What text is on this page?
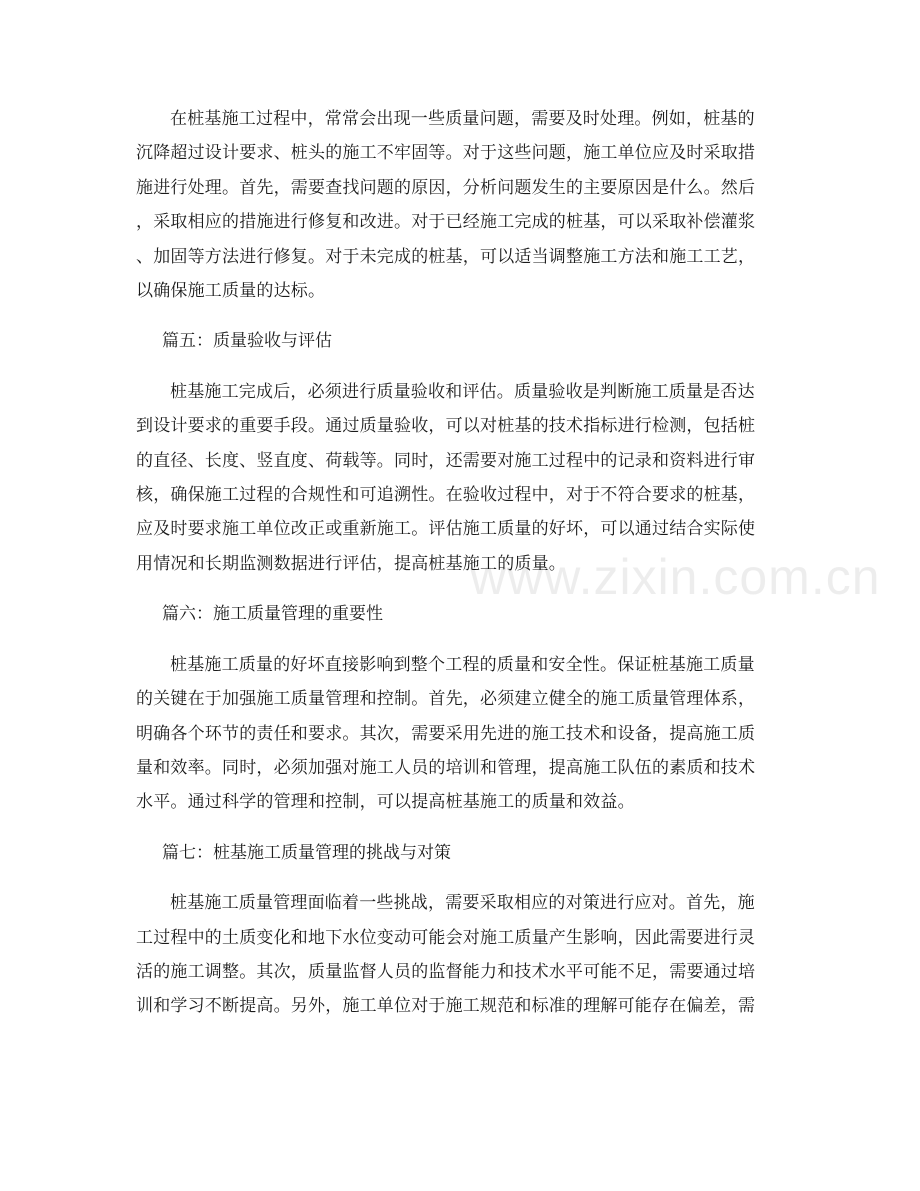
www.zixin.com.cn
在桩基施工过程中，常常会出现一些质量问题，需要及时处理。例如，桩基的
沉降超过设计要求、桩头的施工不牢固等。对于这些问题，施工单位应及时采取措
施进行处理。首先，需要查找问题的原因，分析问题发生的主要原因是什么。然后
，采取相应的措施进行修复和改进。对于已经施工完成的桩基，可以采取补偿灌浆
、加固等方法进行修复。对于未完成的桩基，可以适当调整施工方法和施工工艺，
以确保施工质量的达标。
篇五：质量验收与评估
桩基施工完成后，必须进行质量验收和评估。质量验收是判断施工质量是否达
到设计要求的重要手段。通过质量验收，可以对桩基的技术指标进行检测，包括桩
的直径、长度、竖直度、荷载等。同时，还需要对施工过程中的记录和资料进行审
核，确保施工过程的合规性和可追溯性。在验收过程中，对于不符合要求的桩基，
应及时要求施工单位改正或重新施工。评估施工质量的好坏，可以通过结合实际使
用情况和长期监测数据进行评估，提高桩基施工的质量。
篇六：施工质量管理的重要性
桩基施工质量的好坏直接影响到整个工程的质量和安全性。保证桩基施工质量
的关键在于加强施工质量管理和控制。首先，必须建立健全的施工质量管理体系，
明确各个环节的责任和要求。其次，需要采用先进的施工技术和设备，提高施工质
量和效率。同时，必须加强对施工人员的培训和管理，提高施工队伍的素质和技术
水平。通过科学的管理和控制，可以提高桩基施工的质量和效益。
篇七：桩基施工质量管理的挑战与对策
桩基施工质量管理面临着一些挑战，需要采取相应的对策进行应对。首先，施
工过程中的土质变化和地下水位变动可能会对施工质量产生影响，因此需要进行灵
活的施工调整。其次，质量监督人员的监督能力和技术水平可能不足，需要通过培
训和学习不断提高。另外，施工单位对于施工规范和标准的理解可能存在偏差，需
